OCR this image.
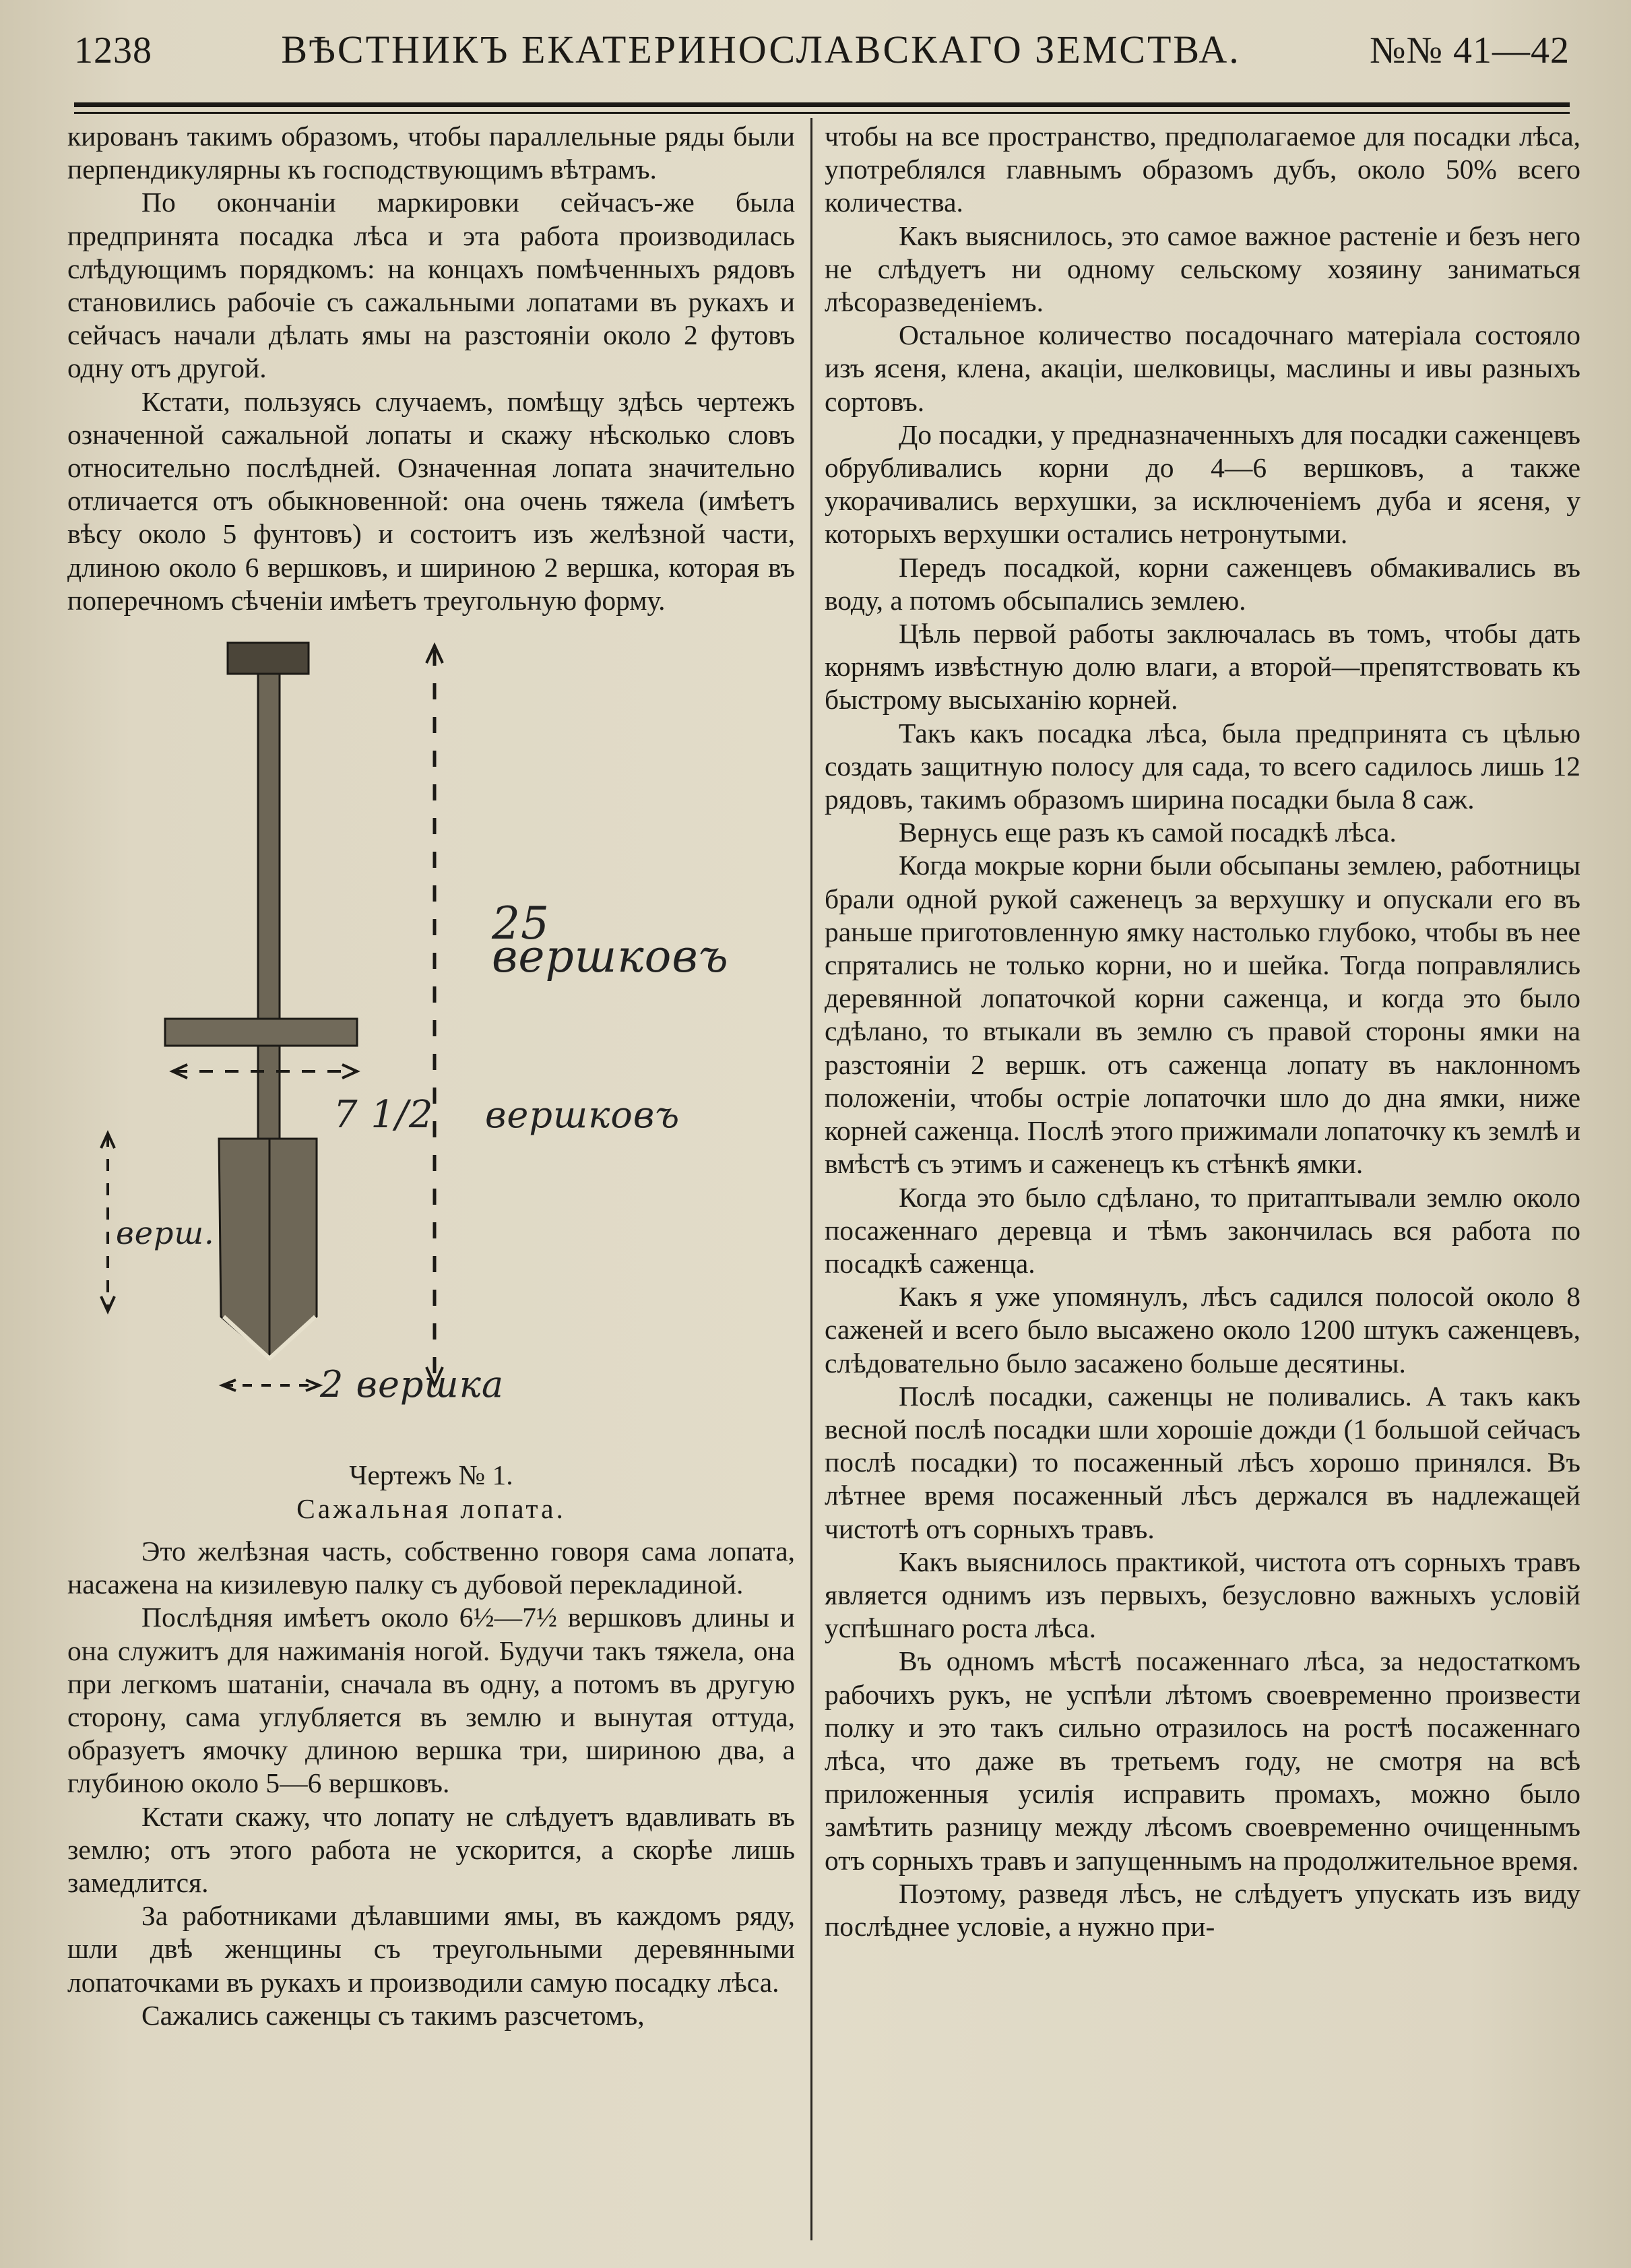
1238	ВѢСТНИКЪ ЕКАТЕРИНОСЛАВСКАГО ЗЕМСТВА.	№№ 41—42

кированъ такимъ образомъ, чтобы параллельные ряды были перпендикулярны къ господствующимъ вѣтрамъ.

По окончаніи маркировки сейчасъ-же была предпринята посадка лѣса и эта работа производилась слѣдующимъ порядкомъ: на концахъ помѣченныхъ рядовъ становились рабочіе съ сажальными лопатами въ рукахъ и сейчасъ начали дѣлать ямы на разстояніи около 2 футовъ одну отъ другой.

Кстати, пользуясь случаемъ, помѣщу здѣсь чертежъ означенной сажальной лопаты и скажу нѣсколько словъ относительно послѣдней. Означенная лопата значительно отличается отъ обыкновенной: она очень тяжела (имѣетъ вѣсу около 5 фунтовъ) и состоитъ изъ желѣзной части, длиною около 6 вершковъ, и шириною 2 вершка, которая въ поперечномъ сѣченіи имѣетъ треугольную форму.

25 вершковъ
7 1/2 вершковъ
верш.
2 вершка

Чертежъ № 1.

Сажальная лопата.

Это желѣзная часть, собственно говоря сама лопата, насажена на кизилевую палку съ дубовой перекладиной.

Послѣдняя имѣетъ около 6½—7½ вершковъ длины и она служитъ для нажиманія ногой. Будучи такъ тяжела, она при легкомъ шатаніи, сначала въ одну, а потомъ въ другую сторону, сама углубляется въ землю и вынутая оттуда, образуетъ ямочку длиною вершка три, шириною два, а глубиною около 5—6 вершковъ.

Кстати скажу, что лопату не слѣдуетъ вдавливать въ землю; отъ этого работа не ускорится, а скорѣе лишь замедлится.

За работниками дѣлавшими ямы, въ каждомъ ряду, шли двѣ женщины съ треугольными деревянными лопаточками въ рукахъ и производили самую посадку лѣса.

Сажались саженцы съ такимъ разсчетомъ,

чтобы на все пространство, предполагаемое для посадки лѣса, употреблялся главнымъ образомъ дубъ, около 50% всего количества.

Какъ выяснилось, это самое важное растеніе и безъ него не слѣдуетъ ни одному сельскому хозяину заниматься лѣсоразведеніемъ.

Остальное количество посадочнаго матеріала состояло изъ ясеня, клена, акаціи, шелковицы, маслины и ивы разныхъ сортовъ.

До посадки, у предназначенныхъ для посадки саженцевъ обрубливались корни до 4—6 вершковъ, а также укорачивались верхушки, за исключеніемъ дуба и ясеня, у которыхъ верхушки остались нетронутыми.

Передъ посадкой, корни саженцевъ обмакивались въ воду, а потомъ обсыпались землею.

Цѣль первой работы заключалась въ томъ, чтобы дать корнямъ извѣстную долю влаги, а второй—препятствовать къ быстрому высыханію корней.

Такъ какъ посадка лѣса, была предпринята съ цѣлью создать защитную полосу для сада, то всего садилось лишь 12 рядовъ, такимъ образомъ ширина посадки была 8 саж.

Вернусь еще разъ къ самой посадкѣ лѣса.

Когда мокрые корни были обсыпаны землею, работницы брали одной рукой саженецъ за верхушку и опускали его въ раньше приготовленную ямку настолько глубоко, чтобы въ нее спрятались не только корни, но и шейка. Тогда поправлялись деревянной лопаточкой корни саженца, и когда это было сдѣлано, то втыкали въ землю съ правой стороны ямки на разстояніи 2 вершк. отъ саженца лопату въ наклонномъ положеніи, чтобы остріе лопаточки шло до дна ямки, ниже корней саженца. Послѣ этого прижимали лопаточку къ землѣ и вмѣстѣ съ этимъ и саженецъ къ стѣнкѣ ямки.

Когда это было сдѣлано, то притаптывали землю около посаженнаго деревца и тѣмъ закончилась вся работа по посадкѣ саженца.

Какъ я уже упомянулъ, лѣсъ садился полосой около 8 саженей и всего было высажено около 1200 штукъ саженцевъ, слѣдовательно было засажено больше десятины.

Послѣ посадки, саженцы не поливались. А такъ какъ весной послѣ посадки шли хорошіе дожди (1 большой сейчасъ послѣ посадки) то посаженный лѣсъ хорошо принялся. Въ лѣтнее время посаженный лѣсъ держался въ надлежащей чистотѣ отъ сорныхъ травъ.

Какъ выяснилось практикой, чистота отъ сорныхъ травъ является однимъ изъ первыхъ, безусловно важныхъ условій успѣшнаго роста лѣса.

Въ одномъ мѣстѣ посаженнаго лѣса, за недостаткомъ рабочихъ рукъ, не успѣли лѣтомъ своевременно произвести полку и это такъ сильно отразилось на ростѣ посаженнаго лѣса, что даже въ третьемъ году, не смотря на всѣ приложенныя усилія исправить промахъ, можно было замѣтить разницу между лѣсомъ своевременно очищеннымъ отъ сорныхъ травъ и запущеннымъ на продолжительное время.

Поэтому, разведя лѣсъ, не слѣдуетъ упускать изъ виду послѣднее условіе, а нужно при-
